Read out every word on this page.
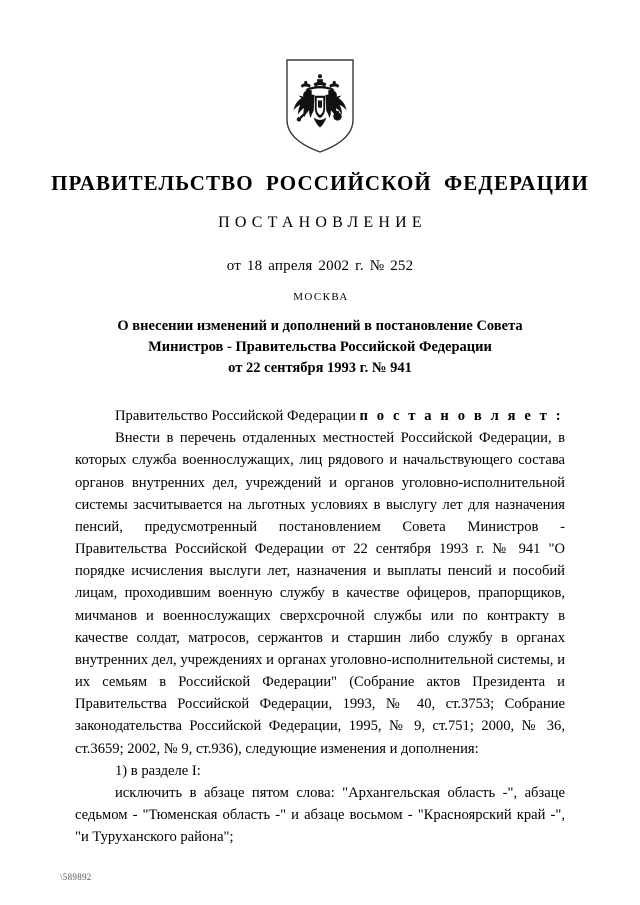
ПРАВИТЕЛЬСТВО РОССИЙСКОЙ ФЕДЕРАЦИИ
ПОСТАНОВЛЕНИЕ
от 18 апреля 2002 г. № 252
МОСКВА
О внесении изменений и дополнений в постановление Совета
Министров - Правительства Российской Федерации
от 22 сентября 1993 г. № 941

Правительство Российской Федерации п о с т а н о в л я е т :

Внести в перечень отдаленных местностей Российской Федерации, в которых служба военнослужащих, лиц рядового и начальствующего состава органов внутренних дел, учреждений и органов уголовно-исполнительной системы засчитывается на льготных условиях в выслугу лет для назначения пенсий, предусмотренный постановлением Совета Министров - Правительства Российской Федерации от 22 сентября 1993 г. № 941 "О порядке исчисления выслуги лет, назначения и выплаты пенсий и пособий лицам, проходившим военную службу в качестве офицеров, прапорщиков, мичманов и военнослужащих сверхсрочной службы или по контракту в качестве солдат, матросов, сержантов и старшин либо службу в органах внутренних дел, учреждениях и органах уголовно-исполнительной системы, и их семьям в Российской Федерации" (Собрание актов Президента и Правительства Российской Федерации, 1993, № 40, ст.3753; Собрание законодательства Российской Федерации, 1995, № 9, ст.751; 2000, № 36, ст.3659; 2002, № 9, ст.936), следующие изменения и дополнения:

1) в разделе I:

исключить в абзаце пятом слова: "Архангельская область -", абзаце седьмом - "Тюменская область -" и абзаце восьмом - "Красноярский край -", "и Туруханского района";

\589892
